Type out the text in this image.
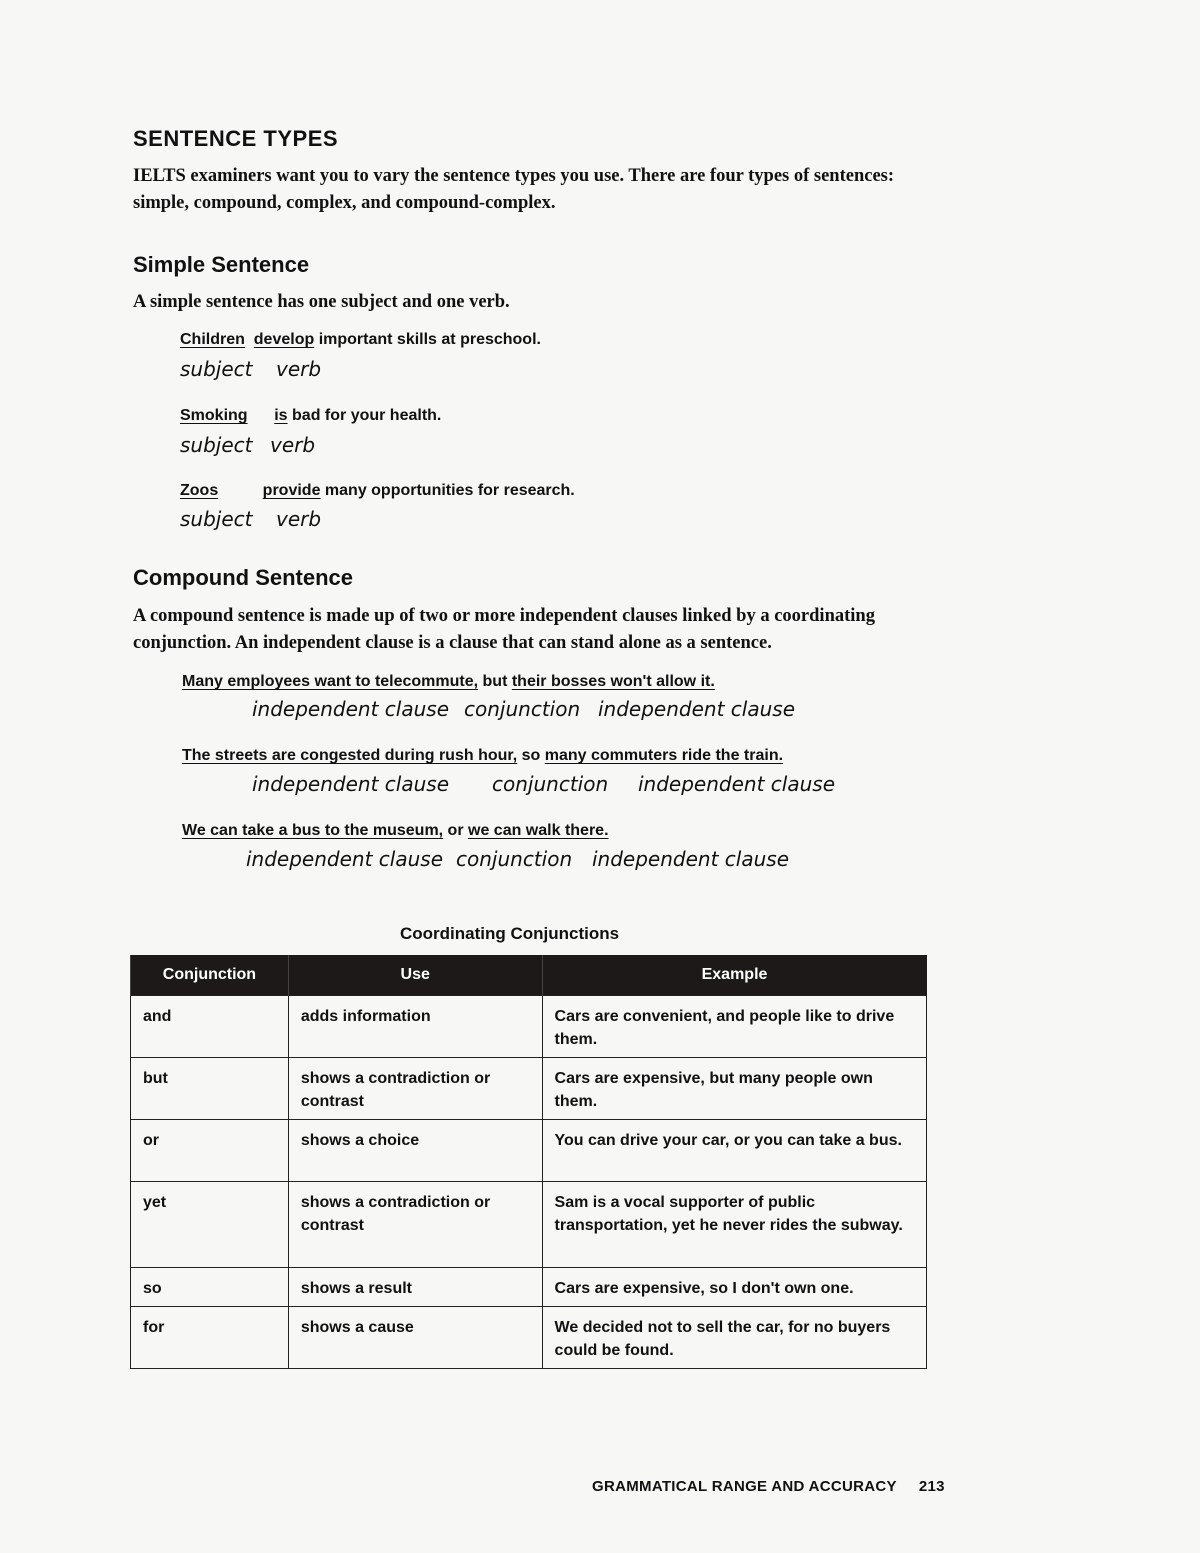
SENTENCE TYPES
IELTS examiners want you to vary the sentence types you use. There are four types of sentences: simple, compound, complex, and compound-complex.
Simple Sentence
A simple sentence has one subject and one verb.
Children develop important skills at preschool.
subject verb
Smoking is bad for your health.
subject verb
Zoos	provide many opportunities for research.
subject verb
Compound Sentence
A compound sentence is made up of two or more independent clauses linked by a coordinating conjunction. An independent clause is a clause that can stand alone as a sentence.
Many employees want to telecommute, but their bosses won't allow it.
independent clause conjunction independent clause
The streets are congested during rush hour, so many commuters ride the train.
independent clause conjunction independent clause
We can take a bus to the museum, or we can walk there.
independent clause conjunction independent clause
Coordinating Conjunctions
Conjunction	Use	Example
and	adds information	Cars are convenient, and people like to drive them.
but	shows a contradiction or contrast	Cars are expensive, but many people own them.
or	shows a choice	You can drive your car, or you can take a bus.
yet	shows a contradiction or contrast	Sam is a vocal supporter of public transportation, yet he never rides the subway.
so	shows a result	Cars are expensive, so I don't own one.
for	shows a cause	We decided not to sell the car, for no buyers could be found.
GRAMMATICAL RANGE AND ACCURACY 213
